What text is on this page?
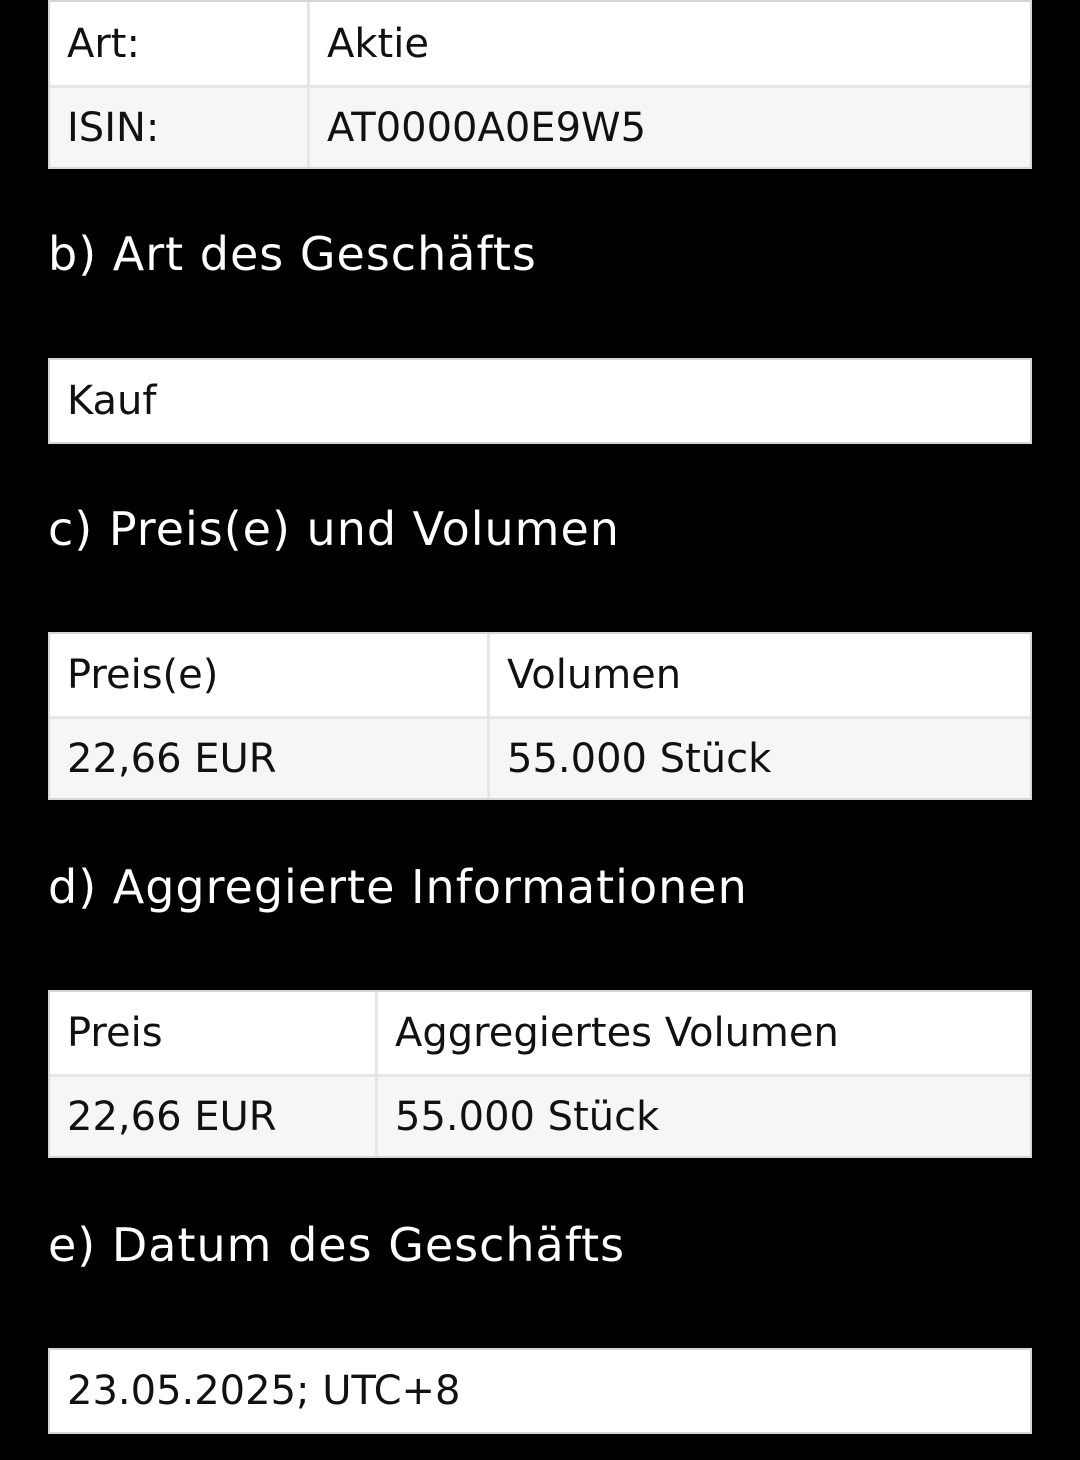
Art:	Aktie
ISIN:	AT0000A0E9W5
b) Art des Geschäfts
Kauf
c) Preis(e) und Volumen
Preis(e)	Volumen
22,66 EUR	55.000 Stück
d) Aggregierte Informationen
Preis	Aggregiertes Volumen
22,66 EUR	55.000 Stück
e) Datum des Geschäfts
23.05.2025; UTC+8
